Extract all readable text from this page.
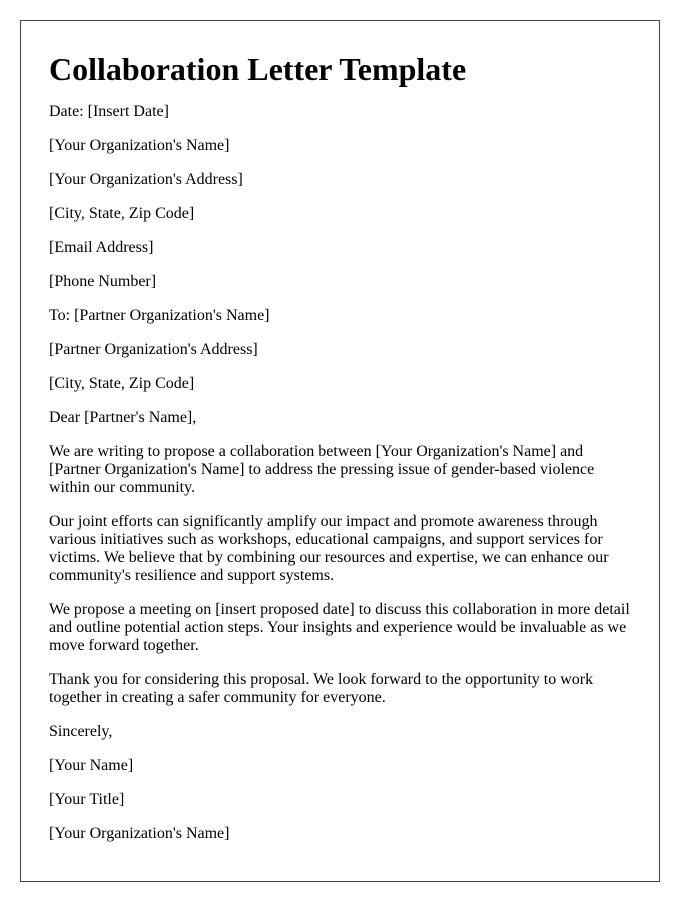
Collaboration Letter Template

Date: [Insert Date]

[Your Organization's Name]

[Your Organization's Address]

[City, State, Zip Code]

[Email Address]

[Phone Number]

To: [Partner Organization's Name]

[Partner Organization's Address]

[City, State, Zip Code]

Dear [Partner's Name],

We are writing to propose a collaboration between [Your Organization's Name] and [Partner Organization's Name] to address the pressing issue of gender-based violence within our community.

Our joint efforts can significantly amplify our impact and promote awareness through various initiatives such as workshops, educational campaigns, and support services for victims. We believe that by combining our resources and expertise, we can enhance our community's resilience and support systems.

We propose a meeting on [insert proposed date] to discuss this collaboration in more detail and outline potential action steps. Your insights and experience would be invaluable as we move forward together.

Thank you for considering this proposal. We look forward to the opportunity to work together in creating a safer community for everyone.

Sincerely,

[Your Name]

[Your Title]

[Your Organization's Name]
